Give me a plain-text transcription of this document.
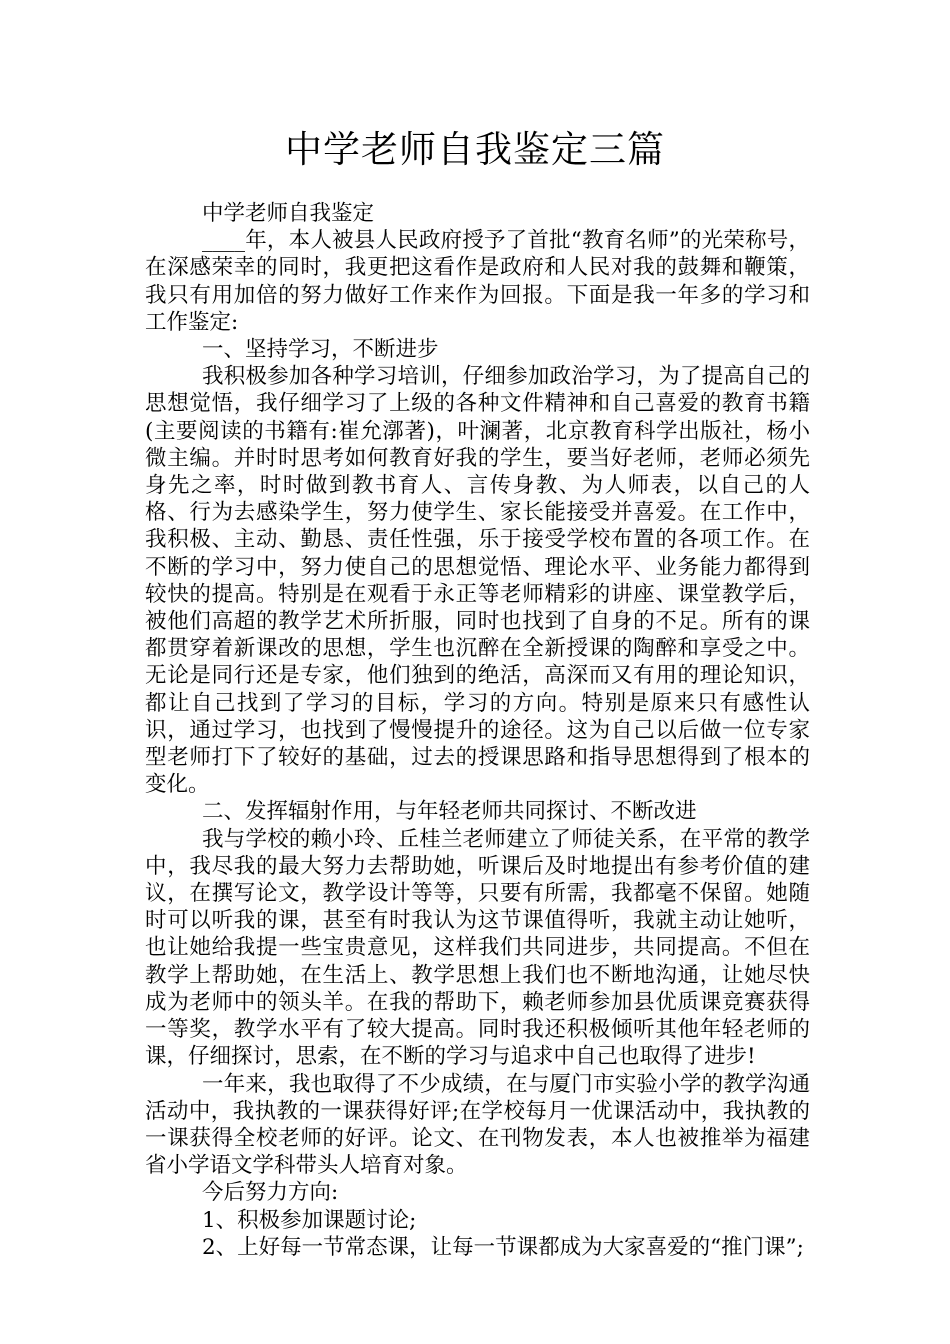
中学老师自我鉴定三篇

中学老师自我鉴定

____年，本人被县人民政府授予了首批“教育名师”的光荣称号，在深感荣幸的同时，我更把这看作是政府和人民对我的鼓舞和鞭策，我只有用加倍的努力做好工作来作为回报。下面是我一年多的学习和工作鉴定:

一、坚持学习，不断进步

我积极参加各种学习培训，仔细参加政治学习，为了提高自己的思想觉悟，我仔细学习了上级的各种文件精神和自己喜爱的教育书籍(主要阅读的书籍有:崔允漷著)，叶澜著，北京教育科学出版社，杨小微主编。并时时思考如何教育好我的学生，要当好老师，老师必须先身先之率，时时做到教书育人、言传身教、为人师表，以自己的人格、行为去感染学生，努力使学生、家长能接受并喜爱。在工作中，我积极、主动、勤恳、责任性强，乐于接受学校布置的各项工作。在不断的学习中，努力使自己的思想觉悟、理论水平、业务能力都得到较快的提高。特别是在观看于永正等老师精彩的讲座、课堂教学后，被他们高超的教学艺术所折服，同时也找到了自身的不足。所有的课都贯穿着新课改的思想，学生也沉醉在全新授课的陶醉和享受之中。无论是同行还是专家，他们独到的绝活，高深而又有用的理论知识，都让自己找到了学习的目标，学习的方向。特别是原来只有感性认识，通过学习，也找到了慢慢提升的途径。这为自己以后做一位专家型老师打下了较好的基础，过去的授课思路和指导思想得到了根本的变化。

二、发挥辐射作用，与年轻老师共同探讨、不断改进

我与学校的赖小玲、丘桂兰老师建立了师徒关系，在平常的教学中，我尽我的最大努力去帮助她，听课后及时地提出有参考价值的建议，在撰写论文，教学设计等等，只要有所需，我都毫不保留。她随时可以听我的课，甚至有时我认为这节课值得听，我就主动让她听，也让她给我提一些宝贵意见，这样我们共同进步，共同提高。不但在教学上帮助她，在生活上、教学思想上我们也不断地沟通，让她尽快成为老师中的领头羊。在我的帮助下，赖老师参加县优质课竞赛获得一等奖，教学水平有了较大提高。同时我还积极倾听其他年轻老师的课，仔细探讨，思索，在不断的学习与追求中自己也取得了进步!

一年来，我也取得了不少成绩，在与厦门市实验小学的教学沟通活动中，我执教的一课获得好评;在学校每月一优课活动中，我执教的一课获得全校老师的好评。论文、在刊物发表，本人也被推举为福建省小学语文学科带头人培育对象。

今后努力方向:

1、积极参加课题讨论;

2、上好每一节常态课，让每一节课都成为大家喜爱的“推门课”;
